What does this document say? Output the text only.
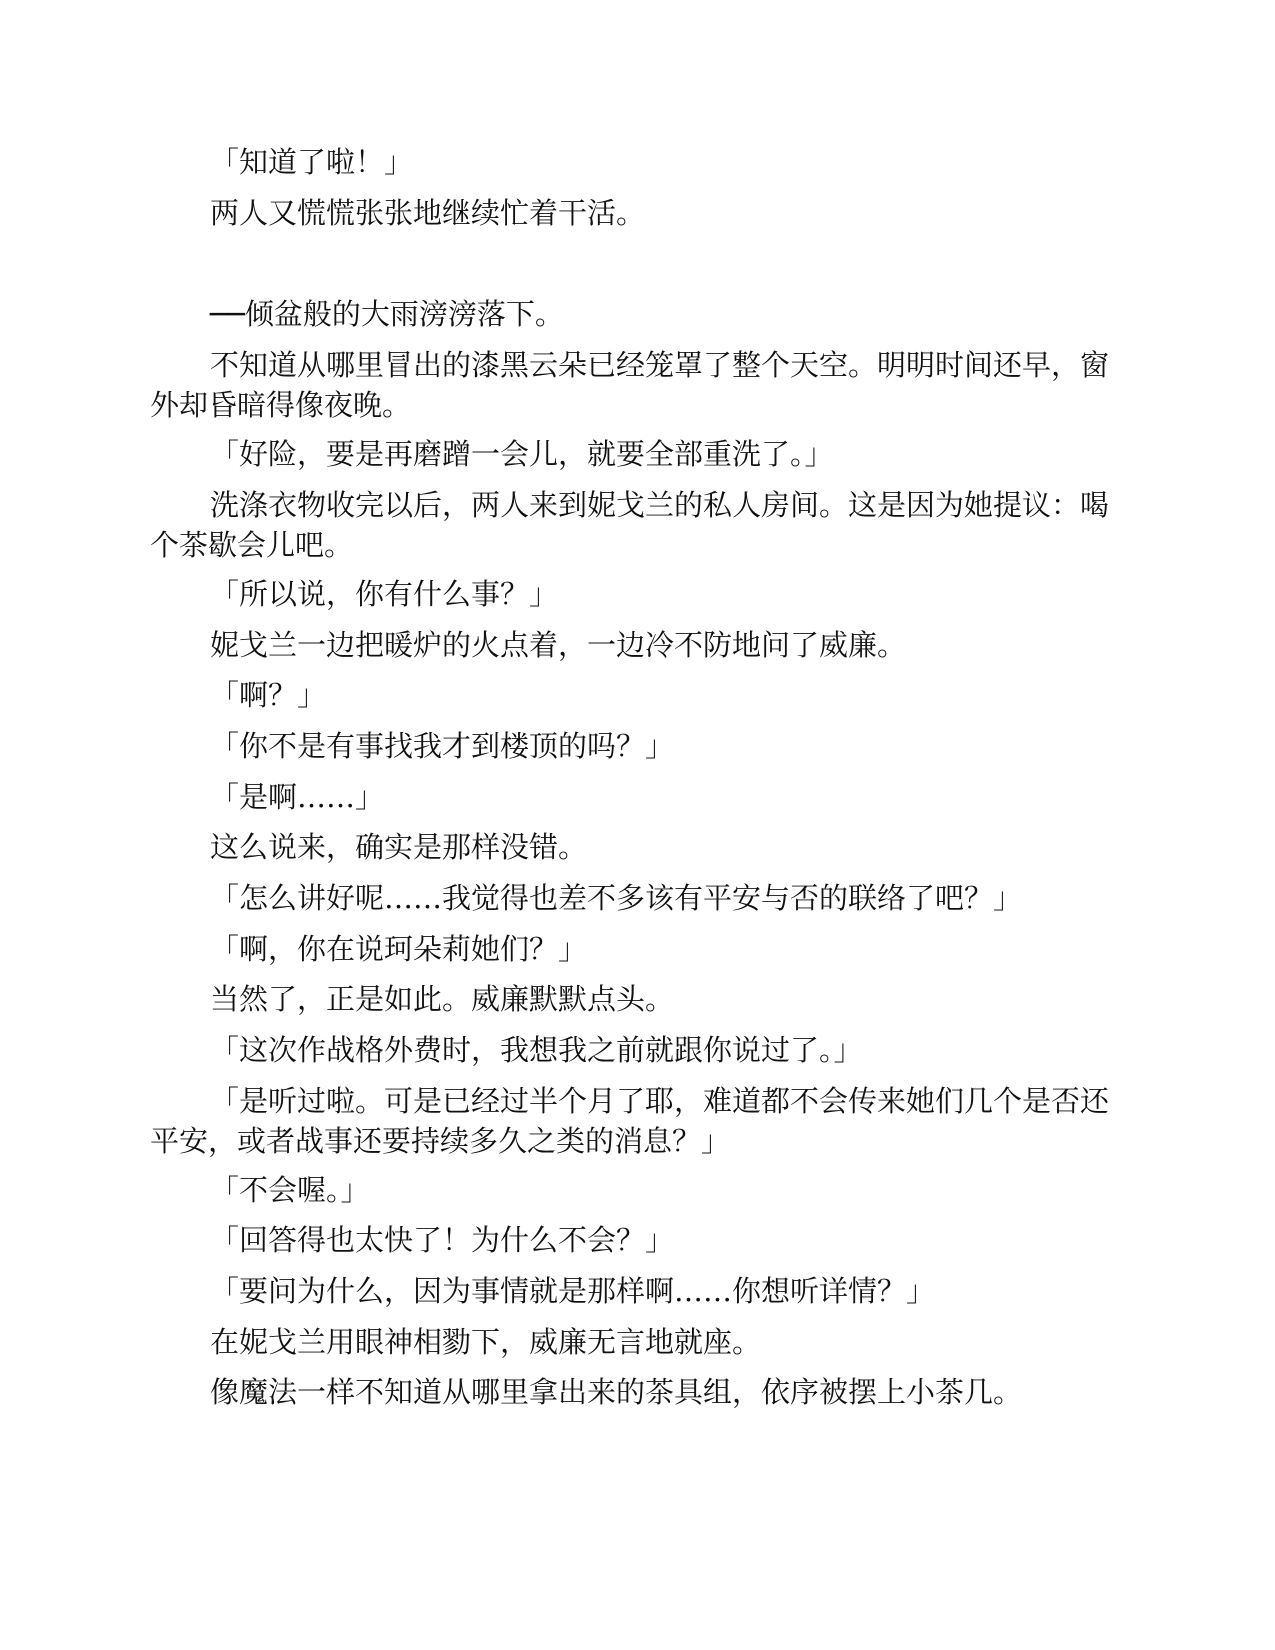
「知道了啦！」

两人又慌慌张张地继续忙着干活。

──倾盆般的大雨滂滂落下。

不知道从哪里冒出的漆黑云朵已经笼罩了整个天空。明明时间还早，窗外却昏暗得像夜晚。

「好险，要是再磨蹭一会儿，就要全部重洗了。」

洗涤衣物收完以后，两人来到妮戈兰的私人房间。这是因为她提议：喝个茶歇会儿吧。

「所以说，你有什么事？」

妮戈兰一边把暖炉的火点着，一边冷不防地问了威廉。

「啊？」

「你不是有事找我才到楼顶的吗？」

「是啊……」

这么说来，确实是那样没错。

「怎么讲好呢……我觉得也差不多该有平安与否的联络了吧？」

「啊，你在说珂朵莉她们？」

当然了，正是如此。威廉默默点头。

「这次作战格外费时，我想我之前就跟你说过了。」

「是听过啦。可是已经过半个月了耶，难道都不会传来她们几个是否还平安，或者战事还要持续多久之类的消息？」

「不会喔。」

「回答得也太快了！为什么不会？」

「要问为什么，因为事情就是那样啊……你想听详情？」

在妮戈兰用眼神相勠下，威廉无言地就座。

像魔法一样不知道从哪里拿出来的茶具组，依序被摆上小茶几。
